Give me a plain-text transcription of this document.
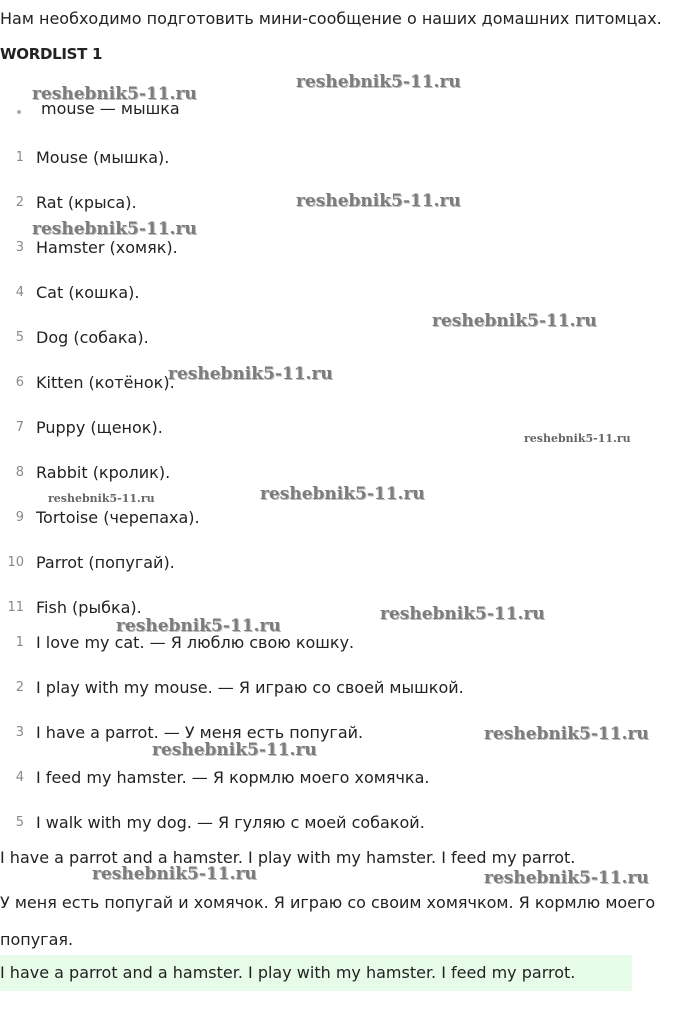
Нам необходимо подготовить мини-сообщение о наших домашних питомцах.
WORDLIST 1
mouse — мышка
1 Mouse (мышка).
2 Rat (крыса).
3 Hamster (хомяк).
4 Cat (кошка).
5 Dog (собака).
6 Kitten (котёнок).
7 Puppy (щенок).
8 Rabbit (кролик).
9 Tortoise (черепаха).
10 Parrot (попугай).
11 Fish (рыбка).
1 I love my cat. — Я люблю свою кошку.
2 I play with my mouse. — Я играю со своей мышкой.
3 I have a parrot. — У меня есть попугай.
4 I feed my hamster. — Я кормлю моего хомячка.
5 I walk with my dog. — Я гуляю с моей собакой.
I have a parrot and a hamster. I play with my hamster. I feed my parrot.
У меня есть попугай и хомячок. Я играю со своим хомячком. Я кормлю моего
попугая.
I have a parrot and a hamster. I play with my hamster. I feed my parrot.
reshebnik5-11.ru
reshebnik5-11.ru
reshebnik5-11.ru
reshebnik5-11.ru
reshebnik5-11.ru
reshebnik5-11.ru
reshebnik5-11.ru
reshebnik5-11.ru	reshebnik5-11.ru
reshebnik5-11.ru
reshebnik5-11.ru
reshebnik5-11.ru
reshebnik5-11.ru
reshebnik5-11.ru	reshebnik5-11.ru
